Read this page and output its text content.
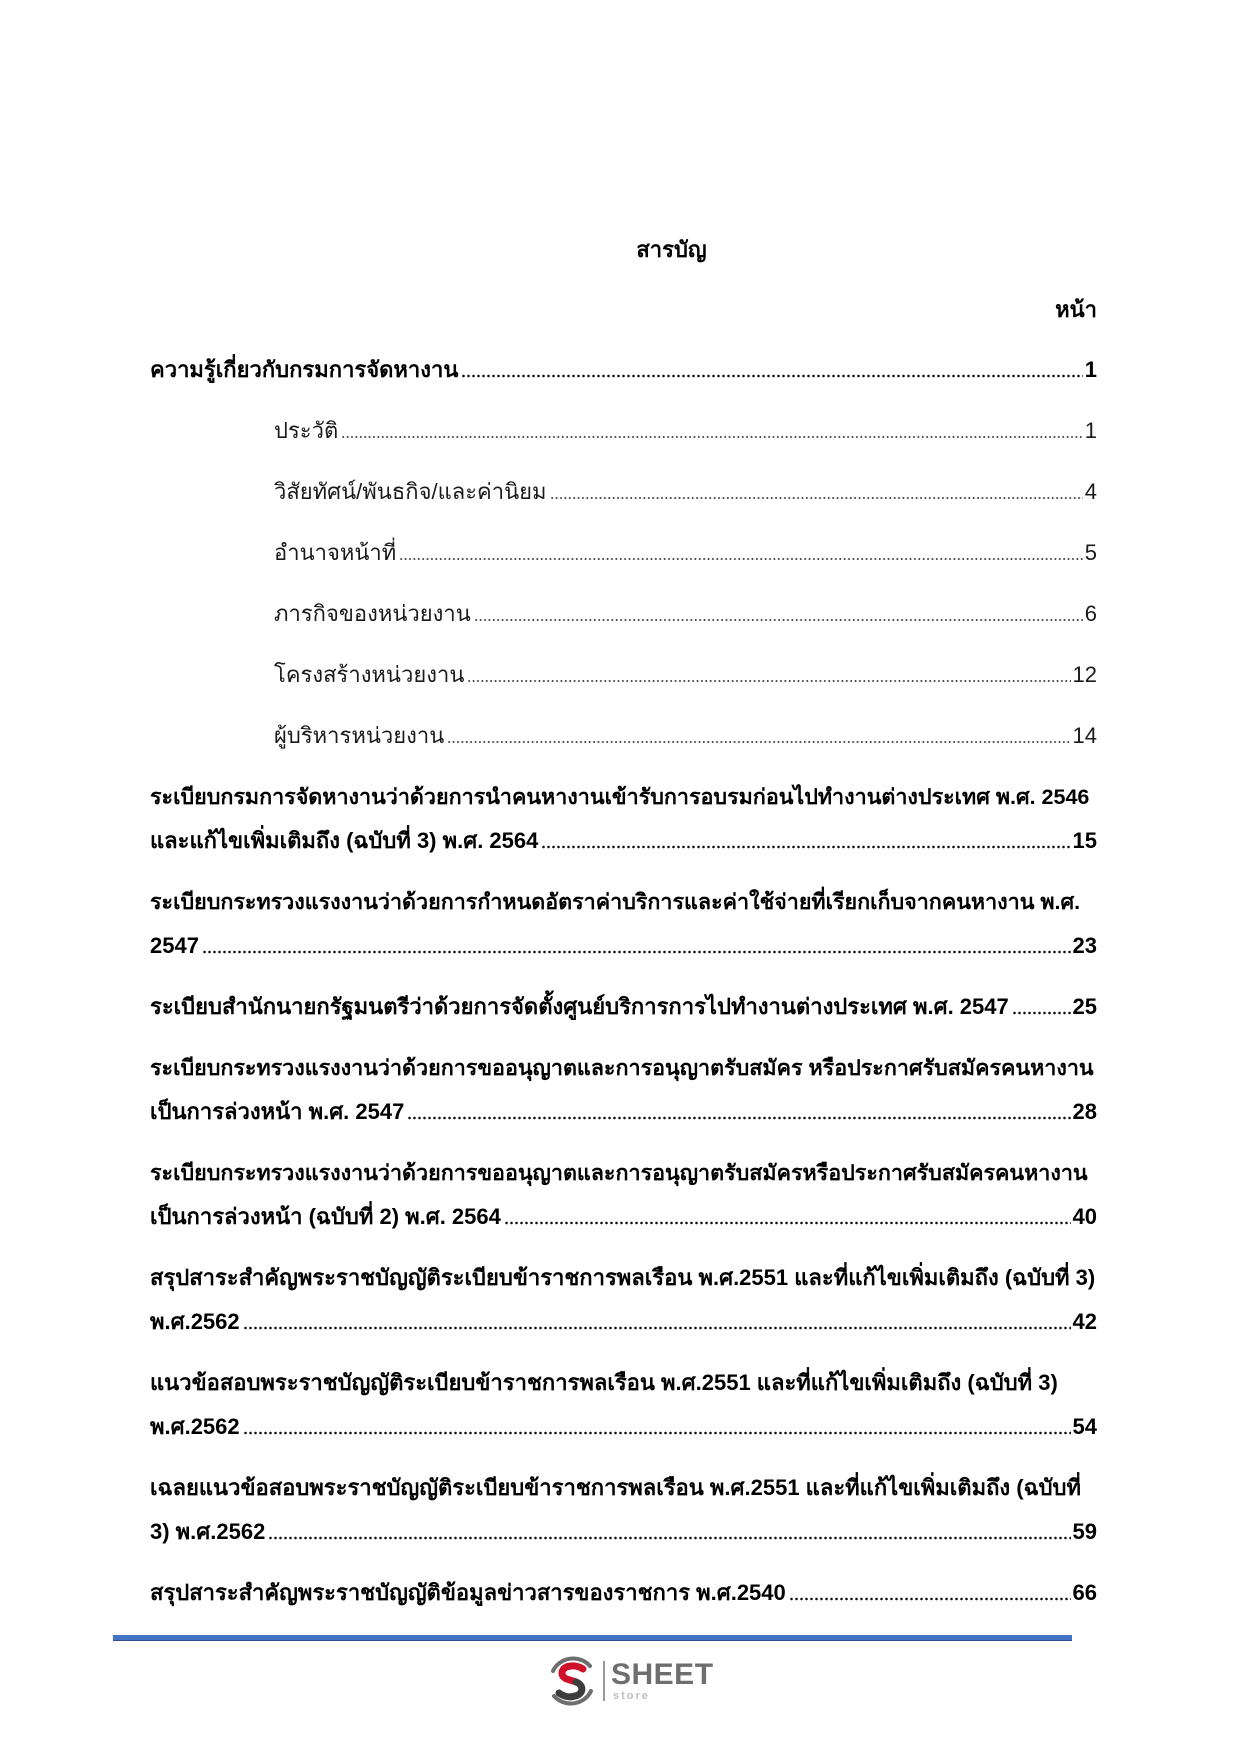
สารบัญ
หน้า
ความรู้เกี่ยวกับกรมการจัดหางาน	1
ประวัติ	1
วิสัยทัศน์/พันธกิจ/และค่านิยม	4
อำนาจหน้าที่	5
ภารกิจของหน่วยงาน	6
โครงสร้างหน่วยงาน	12
ผู้บริหารหน่วยงาน	14
ระเบียบกรมการจัดหางานว่าด้วยการนำคนหางานเข้ารับการอบรมก่อนไปทำงานต่างประเทศ พ.ศ. 2546
และแก้ไขเพิ่มเติมถึง (ฉบับที่ 3) พ.ศ. 2564	15
ระเบียบกระทรวงแรงงานว่าด้วยการกำหนดอัตราค่าบริการและค่าใช้จ่ายที่เรียกเก็บจากคนหางาน พ.ศ.
2547	23
ระเบียบสำนักนายกรัฐมนตรีว่าด้วยการจัดตั้งศูนย์บริการการไปทำงานต่างประเทศ พ.ศ. 2547	25
ระเบียบกระทรวงแรงงานว่าด้วยการขออนุญาตและการอนุญาตรับสมัคร หรือประกาศรับสมัครคนหางาน
เป็นการล่วงหน้า พ.ศ. 2547	28
ระเบียบกระทรวงแรงงานว่าด้วยการขออนุญาตและการอนุญาตรับสมัครหรือประกาศรับสมัครคนหางาน
เป็นการล่วงหน้า (ฉบับที่ 2) พ.ศ. 2564	40
สรุปสาระสำคัญพระราชบัญญัติระเบียบข้าราชการพลเรือน พ.ศ.2551 และที่แก้ไขเพิ่มเติมถึง (ฉบับที่ 3)
พ.ศ.2562	42
แนวข้อสอบพระราชบัญญัติระเบียบข้าราชการพลเรือน พ.ศ.2551 และที่แก้ไขเพิ่มเติมถึง (ฉบับที่ 3)
พ.ศ.2562	54
เฉลยแนวข้อสอบพระราชบัญญัติระเบียบข้าราชการพลเรือน พ.ศ.2551 และที่แก้ไขเพิ่มเติมถึง (ฉบับที่
3) พ.ศ.2562	59
สรุปสาระสำคัญพระราชบัญญัติข้อมูลข่าวสารของราชการ พ.ศ.2540	66
SHEET
store
